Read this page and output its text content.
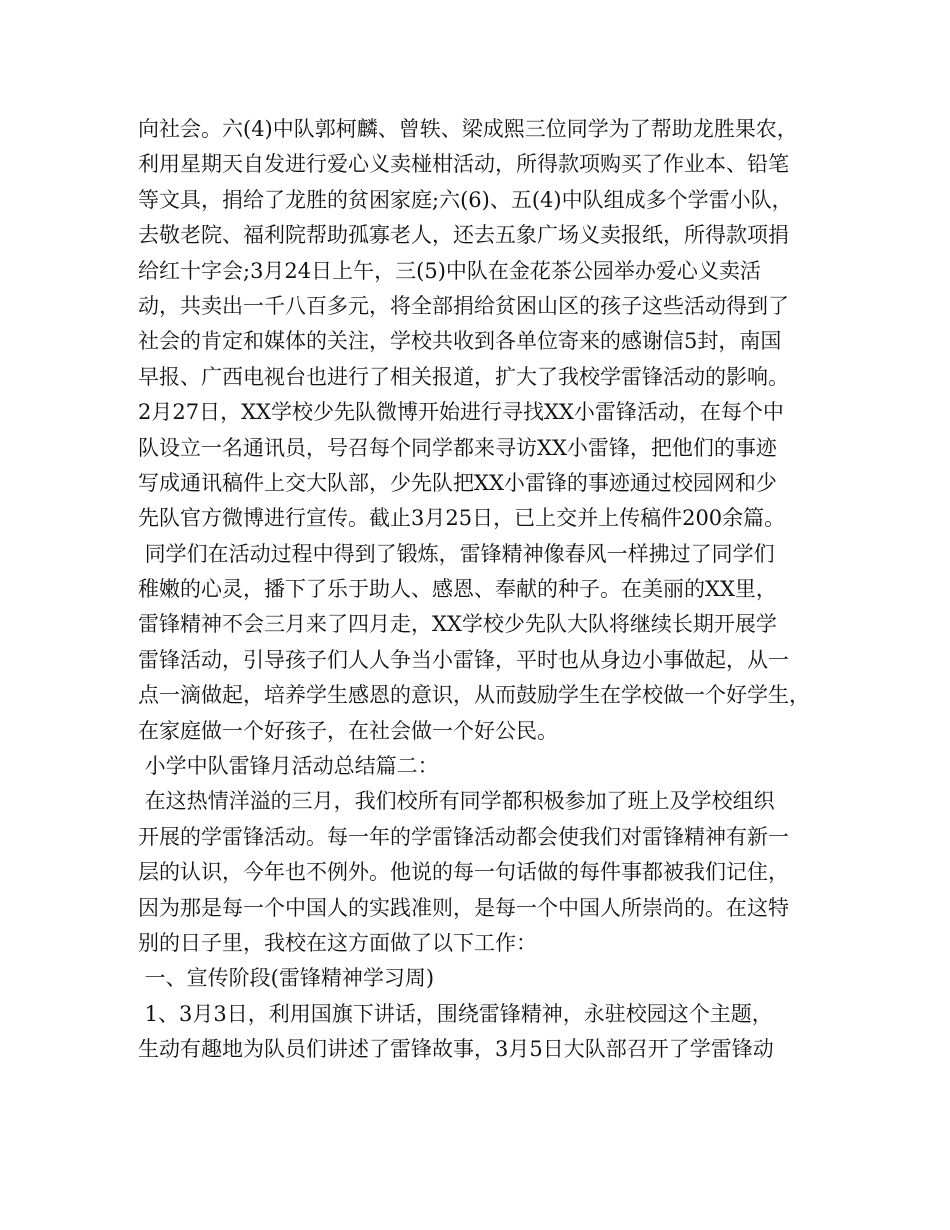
向社会。六(4)中队郭柯麟、曾轶、梁成熙三位同学为了帮助龙胜果农，
利用星期天自发进行爱心义卖椪柑活动，所得款项购买了作业本、铅笔
等文具，捐给了龙胜的贫困家庭;六(6)、五(4)中队组成多个学雷小队，
去敬老院、福利院帮助孤寡老人，还去五象广场义卖报纸，所得款项捐
给红十字会;3月24日上午，三(5)中队在金花茶公园举办爱心义卖活
动，共卖出一千八百多元，将全部捐给贫困山区的孩子这些活动得到了
社会的肯定和媒体的关注，学校共收到各单位寄来的感谢信5封，南国
早报、广西电视台也进行了相关报道，扩大了我校学雷锋活动的影响。
2月27日，XX学校少先队微博开始进行寻找XX小雷锋活动，在每个中
队设立一名通讯员，号召每个同学都来寻访XX小雷锋，把他们的事迹
写成通讯稿件上交大队部，少先队把XX小雷锋的事迹通过校园网和少
先队官方微博进行宣传。截止3月25日，已上交并上传稿件200余篇。
同学们在活动过程中得到了锻炼，雷锋精神像春风一样拂过了同学们
稚嫩的心灵，播下了乐于助人、感恩、奉献的种子。在美丽的XX里，
雷锋精神不会三月来了四月走，XX学校少先队大队将继续长期开展学
雷锋活动，引导孩子们人人争当小雷锋，平时也从身边小事做起，从一
点一滴做起，培养学生感恩的意识，从而鼓励学生在学校做一个好学生，
在家庭做一个好孩子，在社会做一个好公民。
小学中队雷锋月活动总结篇二：
在这热情洋溢的三月，我们校所有同学都积极参加了班上及学校组织
开展的学雷锋活动。每一年的学雷锋活动都会使我们对雷锋精神有新一
层的认识，今年也不例外。他说的每一句话做的每件事都被我们记住，
因为那是每一个中国人的实践准则，是每一个中国人所崇尚的。在这特
别的日子里，我校在这方面做了以下工作：
一、宣传阶段(雷锋精神学习周)
1、3月3日，利用国旗下讲话，围绕雷锋精神，永驻校园这个主题，
生动有趣地为队员们讲述了雷锋故事，3月5日大队部召开了学雷锋动
